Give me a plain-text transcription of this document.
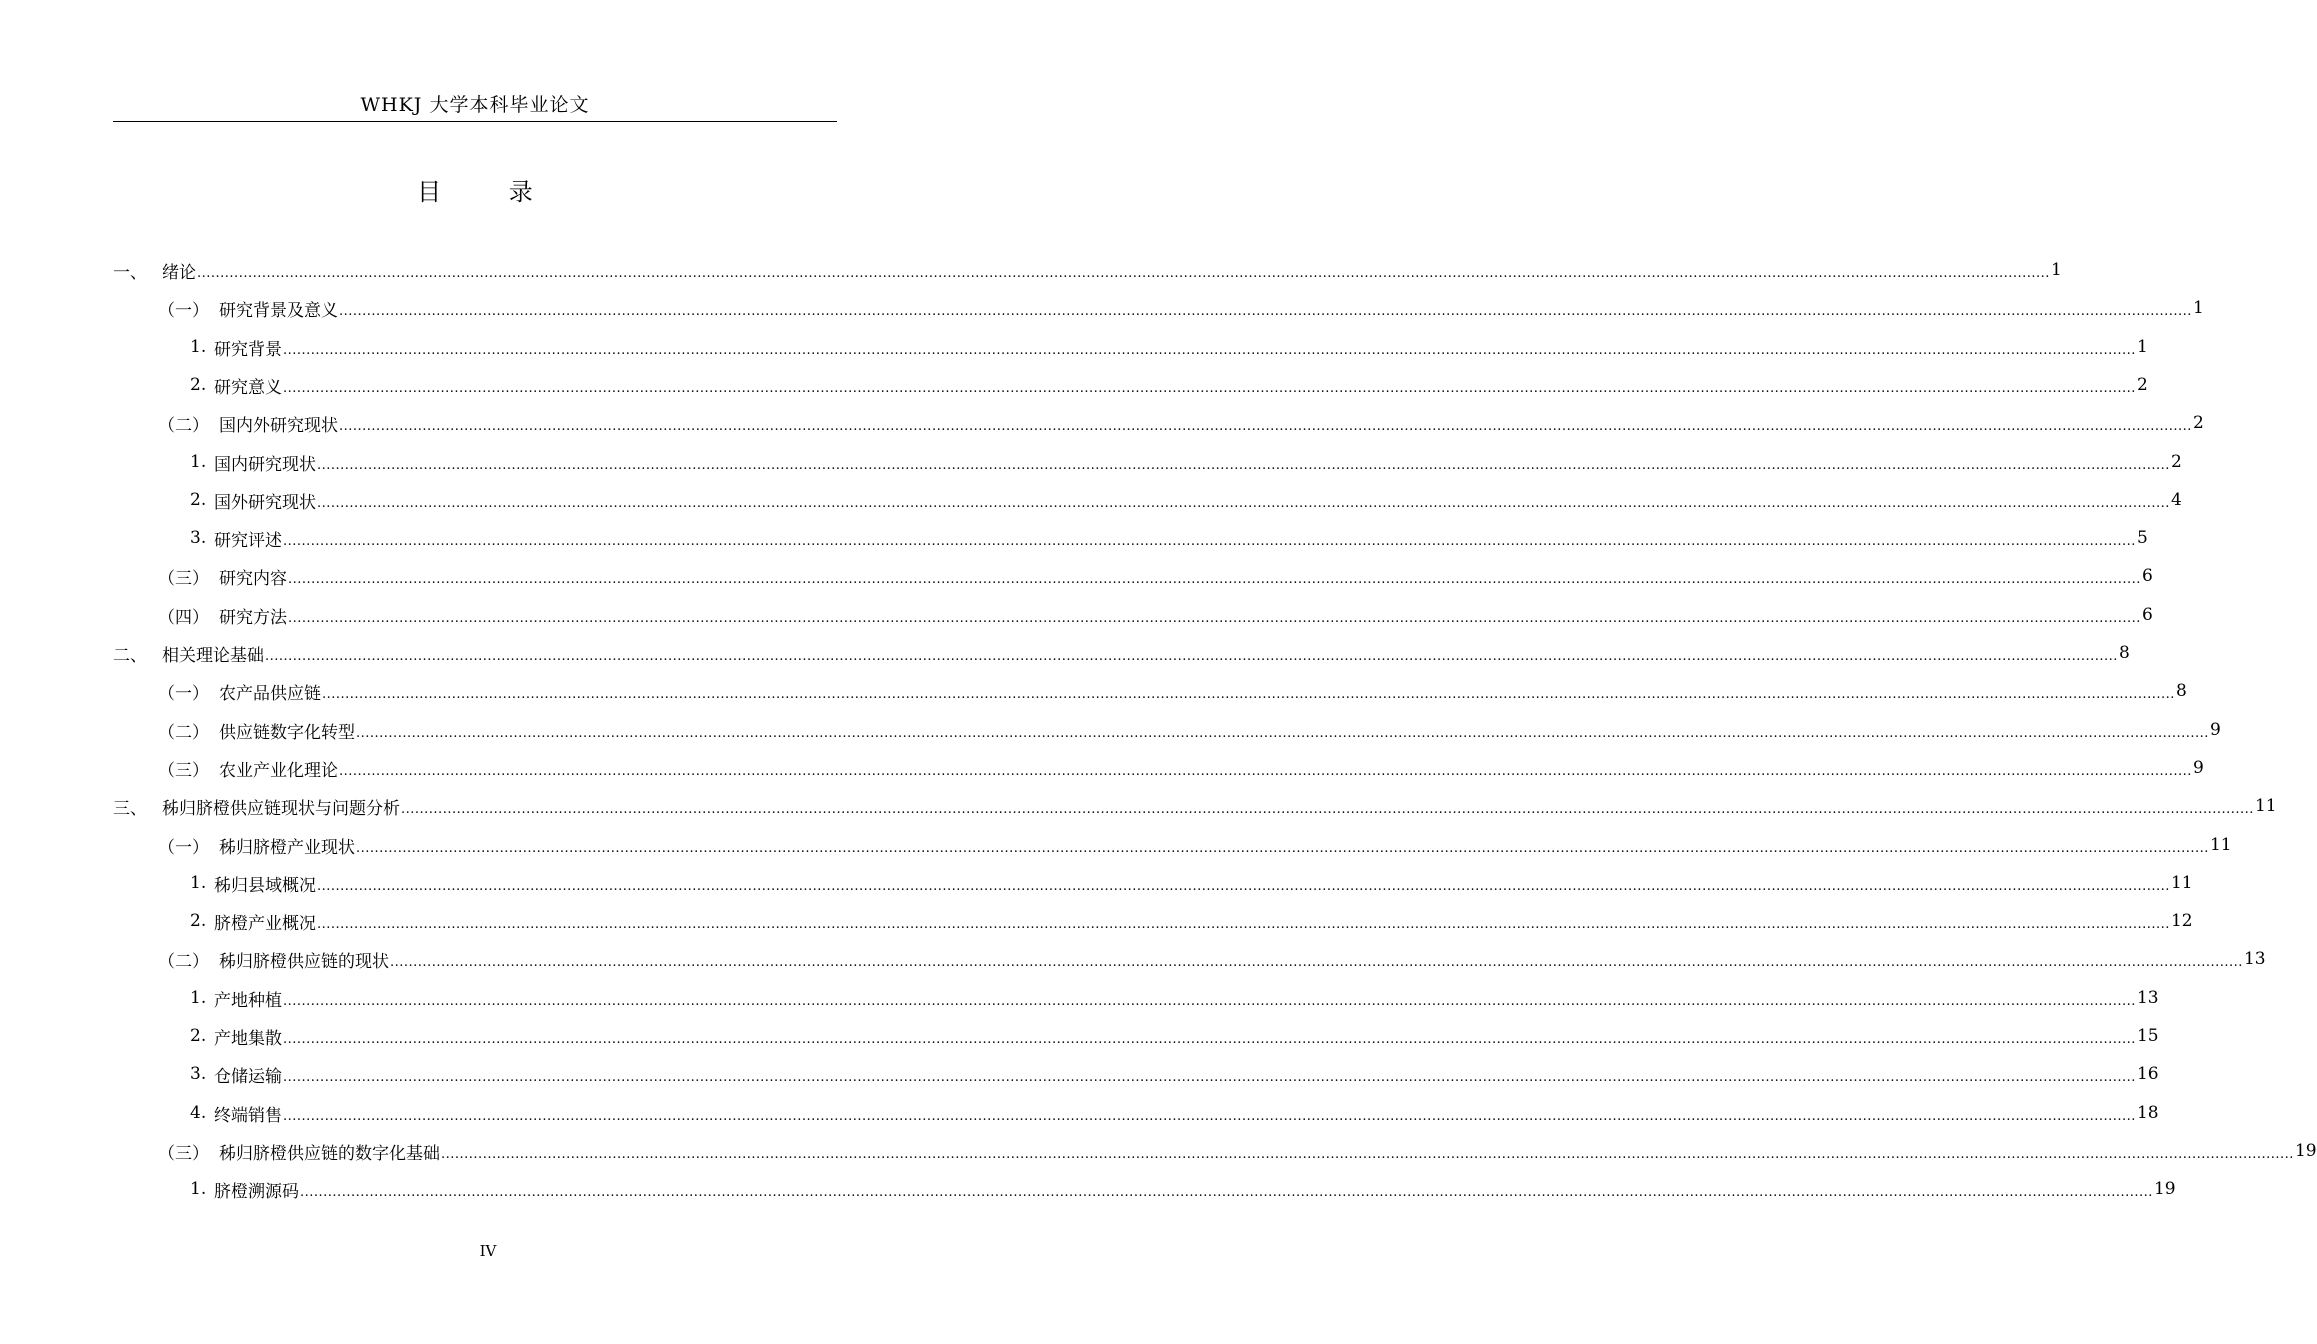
WHKJ 大学本科毕业论文
目 录
一、 绪论 ................................................................................................................................................................................................................................................................................................................................................................................................................ 1
（一） 研究背景及意义 ................................................................................................................................................................................................................................................................................................................................................................................................................ 1
1. 研究背景 ................................................................................................................................................................................................................................................................................................................................................................................................................ 1
2. 研究意义 ................................................................................................................................................................................................................................................................................................................................................................................................................ 2
（二） 国内外研究现状 ................................................................................................................................................................................................................................................................................................................................................................................................................ 2
1. 国内研究现状 ................................................................................................................................................................................................................................................................................................................................................................................................................ 2
2. 国外研究现状 ................................................................................................................................................................................................................................................................................................................................................................................................................ 4
3. 研究评述 ................................................................................................................................................................................................................................................................................................................................................................................................................ 5
（三） 研究内容 ................................................................................................................................................................................................................................................................................................................................................................................................................ 6
（四） 研究方法 ................................................................................................................................................................................................................................................................................................................................................................................................................ 6
二、 相关理论基础 ................................................................................................................................................................................................................................................................................................................................................................................................................ 8
（一） 农产品供应链 ................................................................................................................................................................................................................................................................................................................................................................................................................ 8
（二） 供应链数字化转型 ................................................................................................................................................................................................................................................................................................................................................................................................................ 9
（三） 农业产业化理论 ................................................................................................................................................................................................................................................................................................................................................................................................................ 9
三、 秭归脐橙供应链现状与问题分析 ................................................................................................................................................................................................................................................................................................................................................................................................................ 11
（一） 秭归脐橙产业现状 ................................................................................................................................................................................................................................................................................................................................................................................................................ 11
1. 秭归县域概况 ................................................................................................................................................................................................................................................................................................................................................................................................................ 11
2. 脐橙产业概况 ................................................................................................................................................................................................................................................................................................................................................................................................................ 12
（二） 秭归脐橙供应链的现状 ................................................................................................................................................................................................................................................................................................................................................................................................................ 13
1. 产地种植 ................................................................................................................................................................................................................................................................................................................................................................................................................ 13
2. 产地集散 ................................................................................................................................................................................................................................................................................................................................................................................................................ 15
3. 仓储运输 ................................................................................................................................................................................................................................................................................................................................................................................................................ 16
4. 终端销售 ................................................................................................................................................................................................................................................................................................................................................................................................................ 18
（三） 秭归脐橙供应链的数字化基础 ................................................................................................................................................................................................................................................................................................................................................................................................................ 19
1. 脐橙溯源码 ................................................................................................................................................................................................................................................................................................................................................................................................................ 19
IV
